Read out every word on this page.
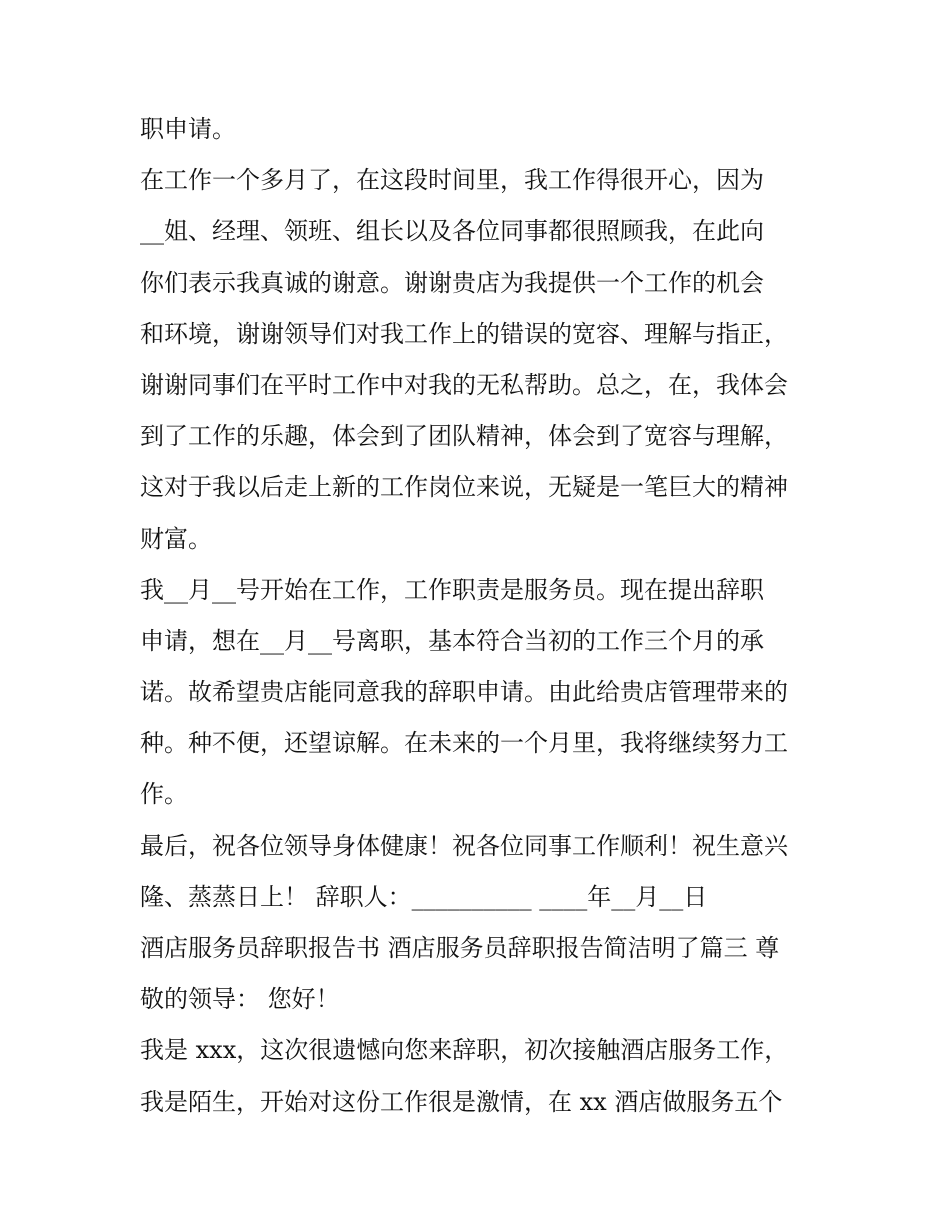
职申请。
在工作一个多月了，在这段时间里，我工作得很开心，因为
__姐、经理、领班、组长以及各位同事都很照顾我，在此向
你们表示我真诚的谢意。谢谢贵店为我提供一个工作的机会
和环境，谢谢领导们对我工作上的错误的宽容、理解与指正，
谢谢同事们在平时工作中对我的无私帮助。总之，在，我体会
到了工作的乐趣，体会到了团队精神，体会到了宽容与理解，
这对于我以后走上新的工作岗位来说，无疑是一笔巨大的精神
财富。
我__月__号开始在工作，工作职责是服务员。现在提出辞职
申请，想在__月__号离职，基本符合当初的工作三个月的承
诺。故希望贵店能同意我的辞职申请。由此给贵店管理带来的
种。种不便，还望谅解。在未来的一个月里，我将继续努力工
作。
最后，祝各位领导身体健康！祝各位同事工作顺利！祝生意兴
隆、蒸蒸日上！ 辞职人：__________ ____年__月__日
酒店服务员辞职报告书 酒店服务员辞职报告简洁明了篇三 尊
敬的领导： 您好！
我是 xxx，这次很遗憾向您来辞职，初次接触酒店服务工作，
我是陌生，开始对这份工作很是激情，在 xx 酒店做服务五个
